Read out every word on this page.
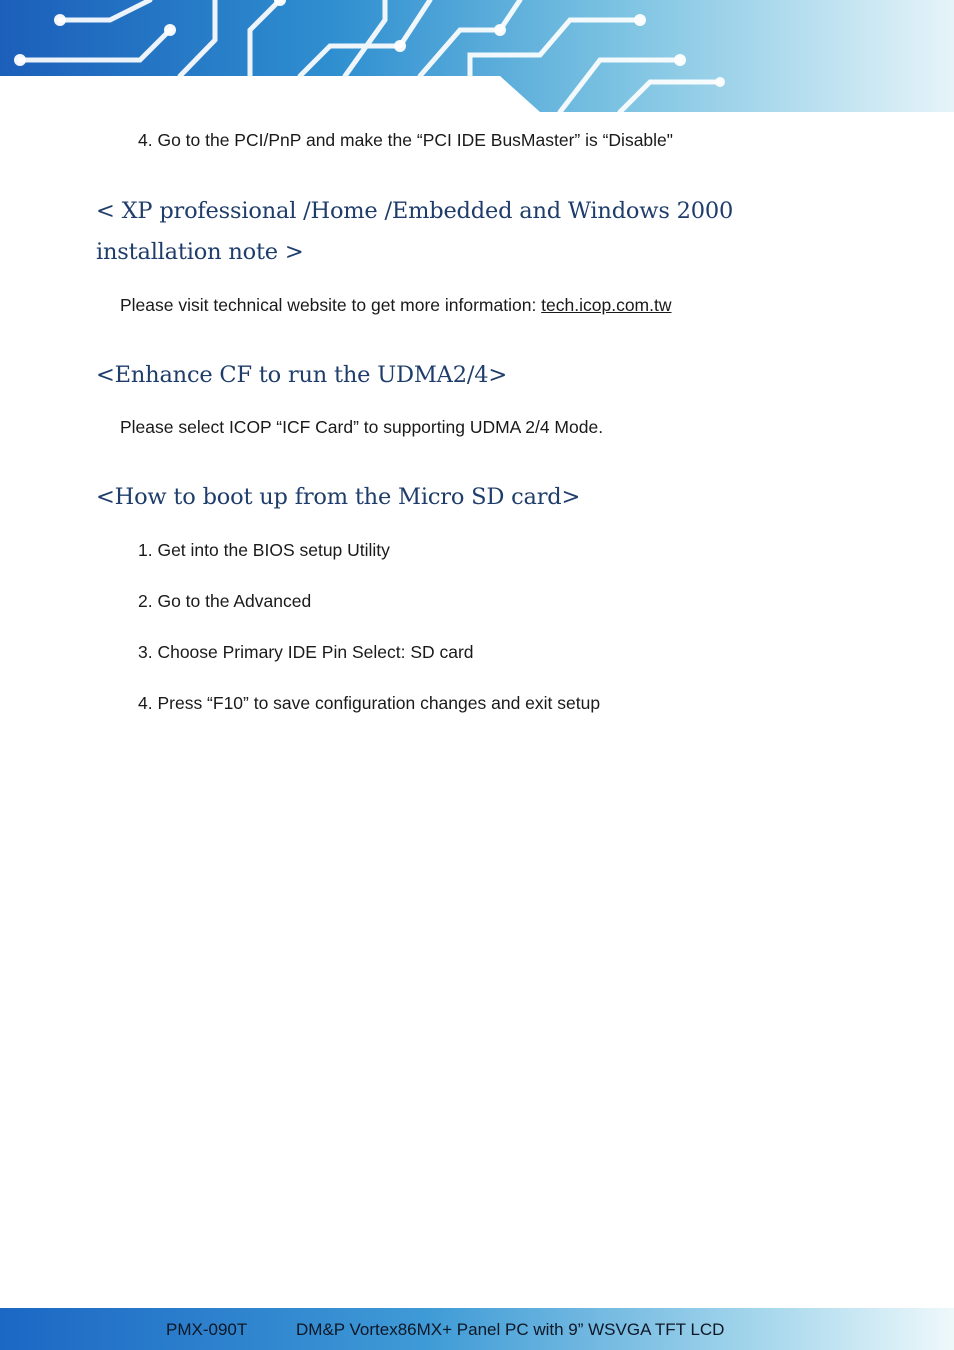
4. Go to the PCI/PnP and make the “PCI IDE BusMaster” is “Disable"
< XP professional /Home /Embedded and Windows 2000
installation note >
Please visit technical website to get more information: tech.icop.com.tw
<Enhance CF to run the UDMA2/4>
Please select ICOP “ICF Card” to supporting UDMA 2/4 Mode.
<How to boot up from the Micro SD card>
1. Get into the BIOS setup Utility
2. Go to the Advanced
3. Choose Primary IDE Pin Select: SD card
4. Press “F10” to save configuration changes and exit setup
PMX-090T	DM&P Vortex86MX+ Panel PC with 9” WSVGA TFT LCD
